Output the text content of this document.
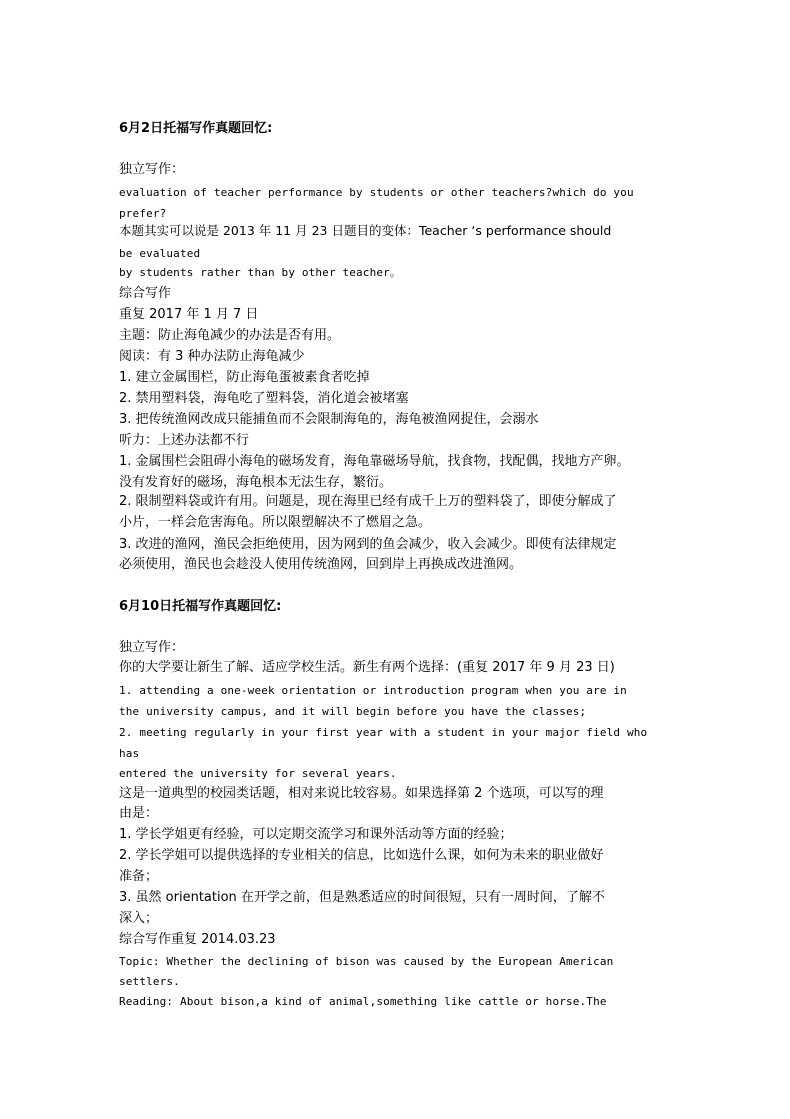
6月2日托福写作真题回忆:
独立写作：
evaluation of teacher performance by students or other teachers?which do you
prefer?
本题其实可以说是 2013 年 11 月 23 日题目的变体：Teacher ‘s performance should
be evaluated
by students rather than by other teacher。
综合写作
重复 2017 年 1 月 7 日
主题：防止海龟减少的办法是否有用。
阅读：有 3 种办法防止海龟减少
1. 建立金属围栏，防止海龟蛋被素食者吃掉
2. 禁用塑料袋，海龟吃了塑料袋，消化道会被堵塞
3. 把传统渔网改成只能捕鱼而不会限制海龟的，海龟被渔网捉住，会溺水
听力：上述办法都不行
1. 金属围栏会阻碍小海龟的磁场发育，海龟靠磁场导航，找食物，找配偶，找地方产卵。
没有发育好的磁场，海龟根本无法生存，繁衍。
2. 限制塑料袋或许有用。问题是，现在海里已经有成千上万的塑料袋了，即使分解成了
小片，一样会危害海龟。所以限塑解决不了燃眉之急。
3. 改进的渔网，渔民会拒绝使用，因为网到的鱼会减少，收入会减少。即使有法律规定
必须使用，渔民也会趁没人使用传统渔网，回到岸上再换成改进渔网。
6月10日托福写作真题回忆:
独立写作：
你的大学要让新生了解、适应学校生活。新生有两个选择：(重复 2017 年 9 月 23 日)
1. attending a one-week orientation or introduction program when you are in
the university campus, and it will begin before you have the classes;
2. meeting regularly in your first year with a student in your major field who
has
entered the university for several years.
这是一道典型的校园类话题，相对来说比较容易。如果选择第 2 个选项，可以写的理
由是：
1. 学长学姐更有经验，可以定期交流学习和课外活动等方面的经验；
2. 学长学姐可以提供选择的专业相关的信息，比如选什么课，如何为未来的职业做好
准备；
3. 虽然 orientation 在开学之前，但是熟悉适应的时间很短，只有一周时间，了解不
深入；
综合写作重复 2014.03.23
Topic: Whether the declining of bison was caused by the European American
settlers.
Reading: About bison,a kind of animal,something like cattle or horse.The
